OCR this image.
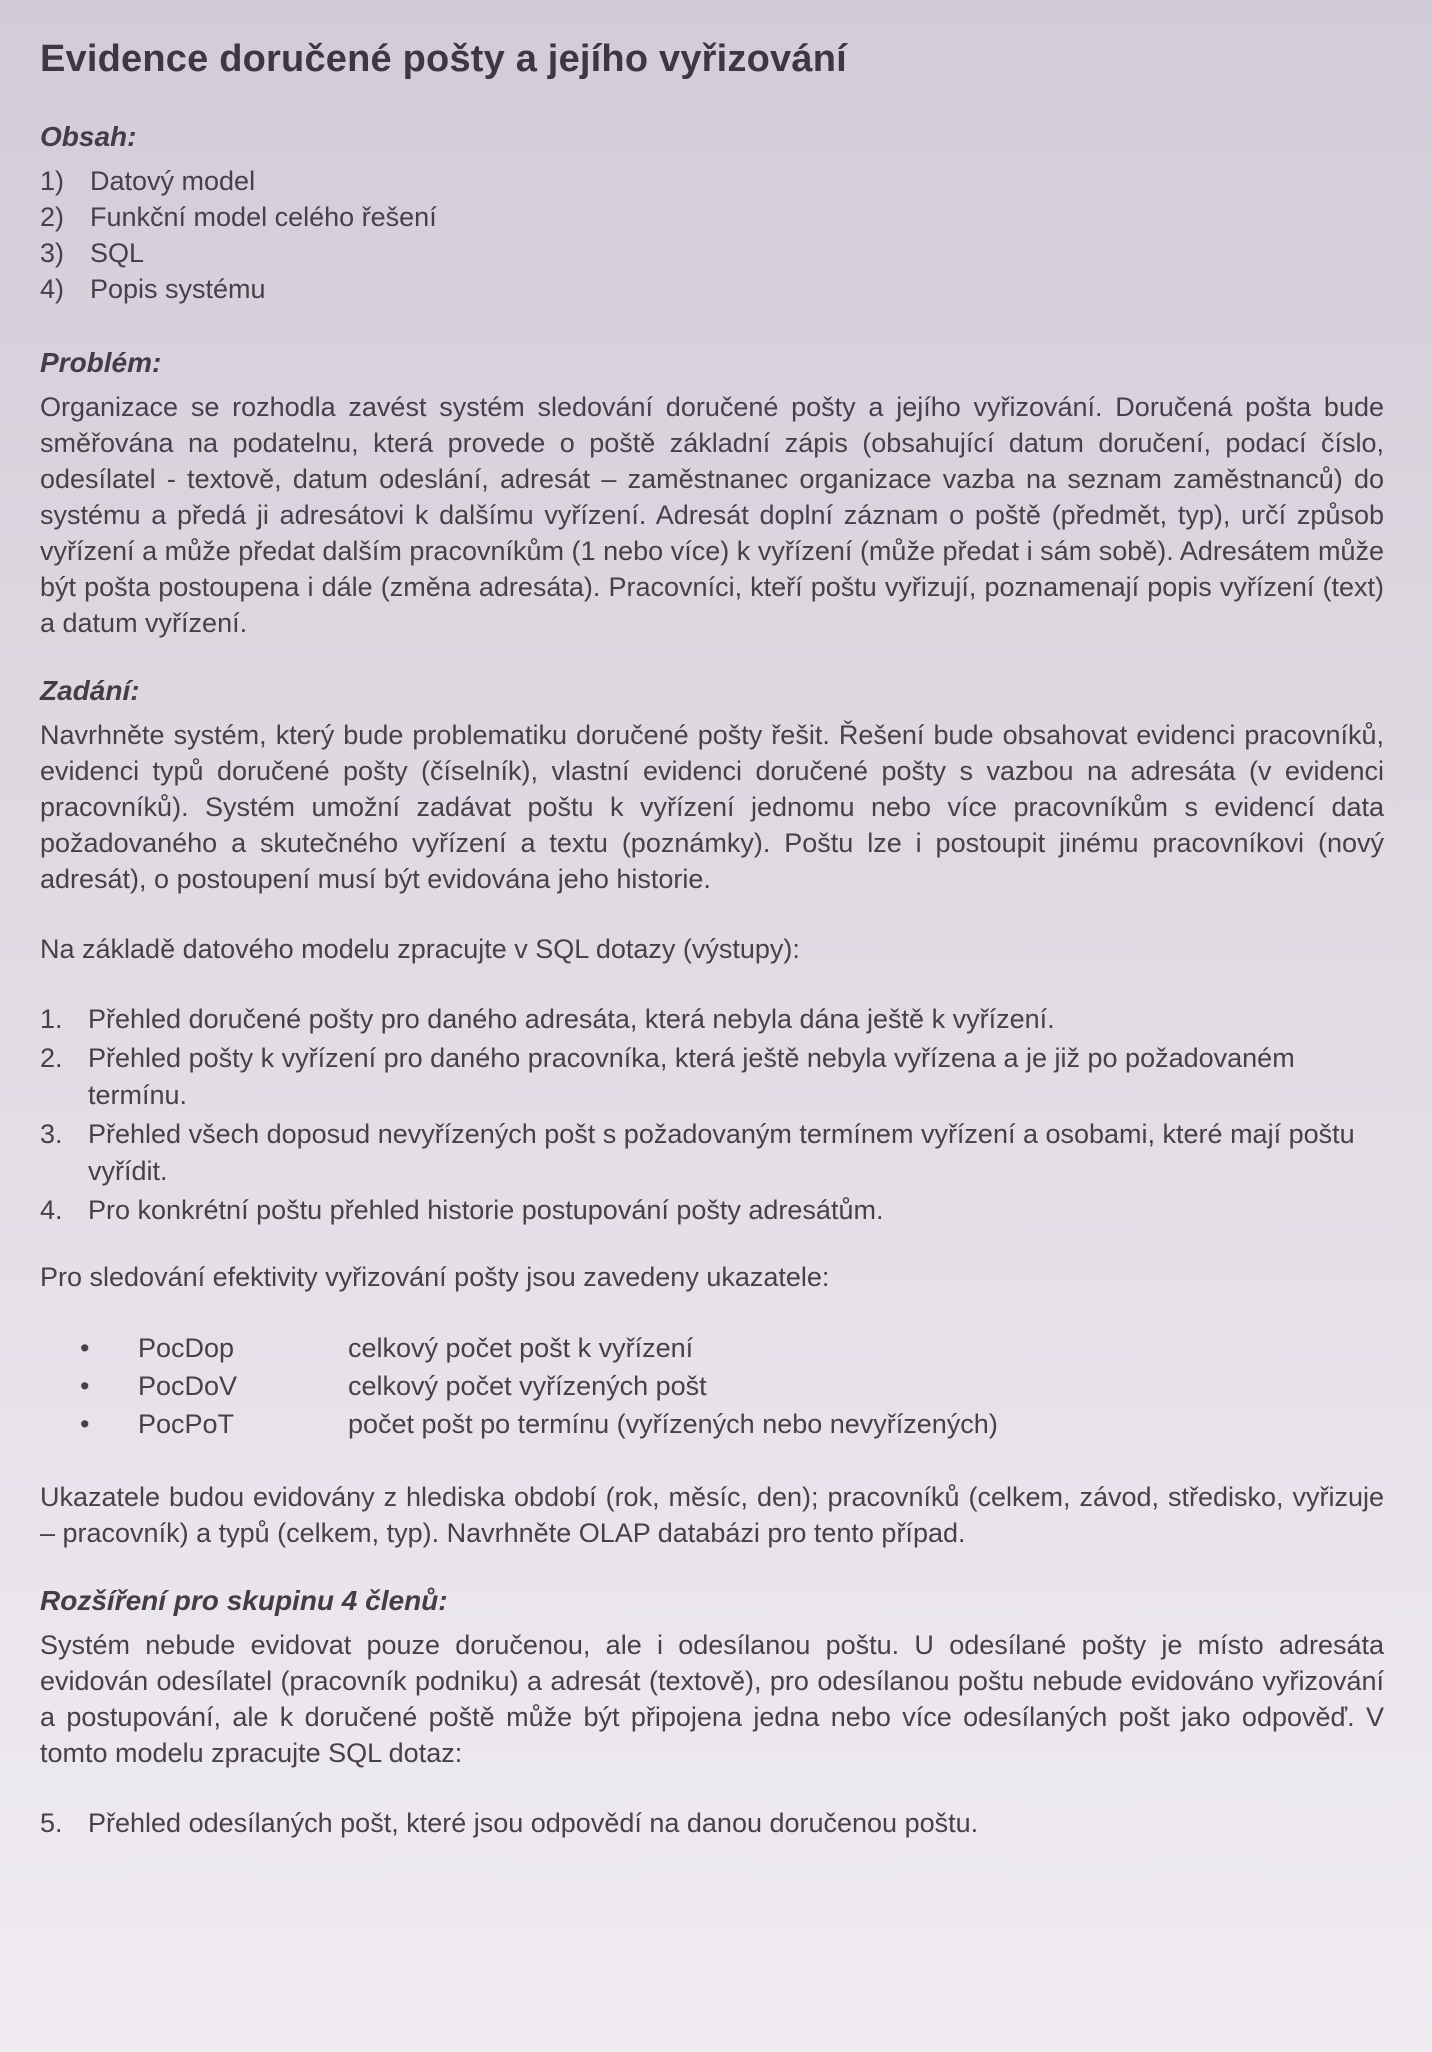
Evidence doručené pošty a jejího vyřizování
Obsah:
1) Datový model
2) Funkční model celého řešení
3) SQL
4) Popis systému
Problém:

Organizace se rozhodla zavést systém sledování doručené pošty a jejího vyřizování. Doručená pošta bude směřována na podatelnu, která provede o poště základní zápis (obsahující datum doručení, podací číslo, odesílatel - textově, datum odeslání, adresát – zaměstnanec organizace vazba na seznam zaměstnanců) do systému a předá ji adresátovi k dalšímu vyřízení. Adresát doplní záznam o poště (předmět, typ), určí způsob vyřízení a může předat dalším pracovníkům (1 nebo více) k vyřízení (může předat i sám sobě). Adresátem může být pošta postoupena i dále (změna adresáta). Pracovníci, kteří poštu vyřizují, poznamenají popis vyřízení (text) a datum vyřízení.

Zadání:

Navrhněte systém, který bude problematiku doručené pošty řešit. Řešení bude obsahovat evidenci pracovníků, evidenci typů doručené pošty (číselník), vlastní evidenci doručené pošty s vazbou na adresáta (v evidenci pracovníků). Systém umožní zadávat poštu k vyřízení jednomu nebo více pracovníkům s evidencí data požadovaného a skutečného vyřízení a textu (poznámky). Poštu lze i postoupit jinému pracovníkovi (nový adresát), o postoupení musí být evidována jeho historie.

Na základě datového modelu zpracujte v SQL dotazy (výstupy):

1. Přehled doručené pošty pro daného adresáta, která nebyla dána ještě k vyřízení.
2. Přehled pošty k vyřízení pro daného pracovníka, která ještě nebyla vyřízena a je již po požadovaném termínu.
3. Přehled všech doposud nevyřízených pošt s požadovaným termínem vyřízení a osobami, které mají poštu vyřídit.
4. Pro konkrétní poštu přehled historie postupování pošty adresátům.

Pro sledování efektivity vyřizování pošty jsou zavedeny ukazatele:

•	PocDop	celkový počet pošt k vyřízení
•	PocDoV	celkový počet vyřízených pošt
•	PocPoT	počet pošt po termínu (vyřízených nebo nevyřízených)

Ukazatele budou evidovány z hlediska období (rok, měsíc, den); pracovníků (celkem, závod, středisko, vyřizuje – pracovník) a typů (celkem, typ). Navrhněte OLAP databázi pro tento případ.

Rozšíření pro skupinu 4 členů:

Systém nebude evidovat pouze doručenou, ale i odesílanou poštu. U odesílané pošty je místo adresáta evidován odesílatel (pracovník podniku) a adresát (textově), pro odesílanou poštu nebude evidováno vyřizování a postupování, ale k doručené poště může být připojena jedna nebo více odesílaných pošt jako odpověď. V tomto modelu zpracujte SQL dotaz:

5. Přehled odesílaných pošt, které jsou odpovědí na danou doručenou poštu.
